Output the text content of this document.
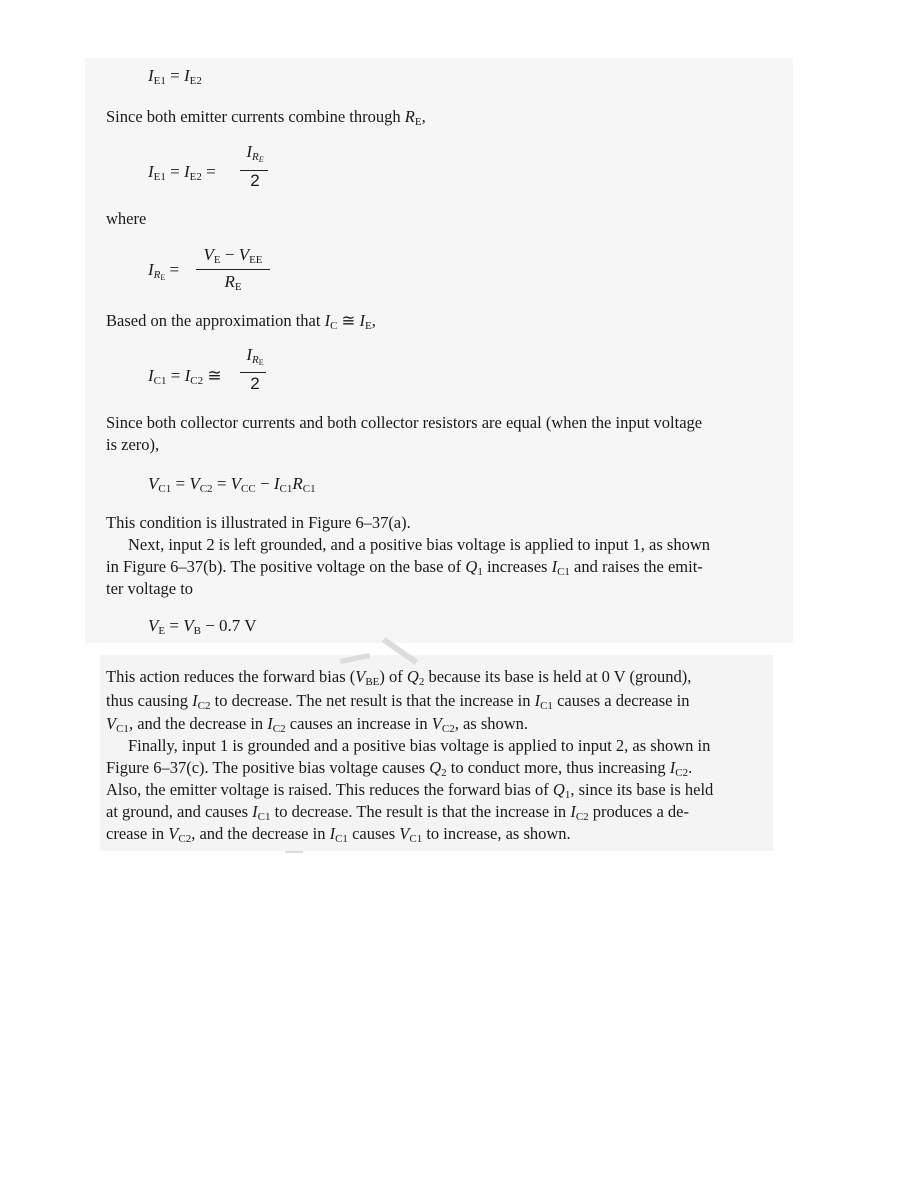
$I_{E1} = I_{E2}$
Since both emitter currents combine through $R_E$,
$I_{E1} = I_{E2}$ =
$I_{R_E}$
2
where
$I_{R_E}$ =
$V_E - V_{EE}$
$R_E$
Based on the approximation that $I_C$ ≅ $I_E$,
$I_{C1} = I_{C2}$ ≅
$I_{R_E}$
2
Since both collector currents and both collector resistors are equal (when the input voltage
is zero),
$V_{C1} = V_{C2} = V_{CC} - I_{C1}R_{C1}$
This condition is illustrated in Figure 6–37(a).
Next, input 2 is left grounded, and a positive bias voltage is applied to input 1, as shown
in Figure 6–37(b). The positive voltage on the base of $Q_1$ increases $I_{C1}$ and raises the emit-
ter voltage to
$V_E = V_B - 0.7$ V
This action reduces the forward bias $(V_{BE})$ of $Q_2$ because its base is held at 0 V (ground),
thus causing $I_{C2}$ to decrease. The net result is that the increase in $I_{C1}$ causes a decrease in
$V_{C1}$, and the decrease in $I_{C2}$ causes an increase in $V_{C2}$, as shown.
Finally, input 1 is grounded and a positive bias voltage is applied to input 2, as shown in
Figure 6–37(c). The positive bias voltage causes $Q_2$ to conduct more, thus increasing $I_{C2}$.
Also, the emitter voltage is raised. This reduces the forward bias of $Q_1$, since its base is held
at ground, and causes $I_{C1}$ to decrease. The result is that the increase in $I_{C2}$ produces a de-
crease in $V_{C2}$, and the decrease in $I_{C1}$ causes $V_{C1}$ to increase, as shown.
